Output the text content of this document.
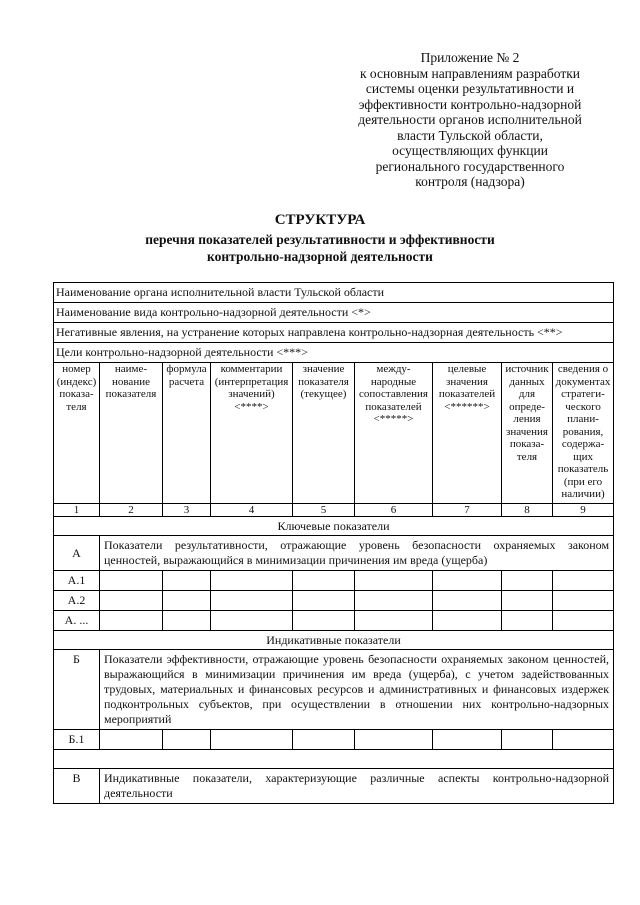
Приложение № 2
к основным направлениям разработки
системы оценки результативности и
эффективности контрольно-надзорной
деятельности органов исполнительной
власти Тульской области,
осуществляющих функции
регионального государственного
контроля (надзора)
СТРУКТУРА
перечня показателей результативности и эффективности
контрольно-надзорной деятельности
Наименование органа исполнительной власти Тульской области								
Наименование вида контрольно-надзорной деятельности <*>								
Негативные явления, на устранение которых направлена контрольно-надзорная деятельность <**>								
Цели контрольно-надзорной деятельности <***>								
номер (индекс) показа- теля	наиме- нование показателя	формула расчета	комментарии (интерпретация значений) <****>	значение показателя (текущее)	между- народные сопоставления показателей <*****>	целевые значения показателей <******>	источник данных для опреде- ления значения показа- теля	сведения о документах стратеги- ческого плани- рования, содержа- щих показатель (при его наличии)
1	2	3	4	5	6	7	8	9
Ключевые показатели								
А	Показатели результативности, отражающие уровень безопасности охраняемых законом ценностей, выражающийся в минимизации причинения им вреда (ущерба)							
А.1								
А.2								
А. ...								
Индикативные показатели								
Б	Показатели эффективности, отражающие уровень безопасности охраняемых законом ценностей, выражающийся в минимизации причинения им вреда (ущерба), с учетом задействованных трудовых, материальных и финансовых ресурсов и административных и финансовых издержек подконтрольных субъектов, при осуществлении в отношении них контрольно-надзорных мероприятий							
Б.1								

В	Индикативные показатели, характеризующие различные аспекты контрольно-надзорной деятельности							
